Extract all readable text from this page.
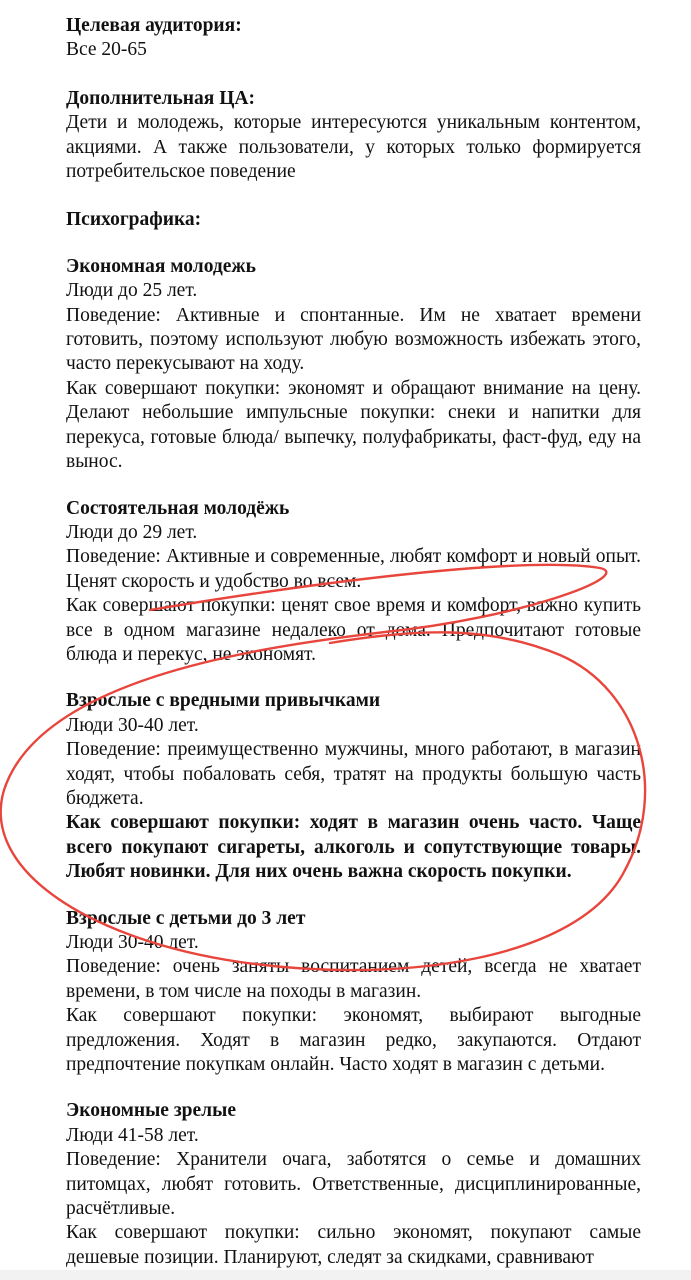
Целевая аудитория:

Все 20-65

Дополнительная ЦА:

Дети и молодежь, которые интересуются уникальным контентом, акциями. А также пользователи, у которых только формируется потребительское поведение

Психографика:

Экономная молодежь

Люди до 25 лет.

Поведение: Активные и спонтанные. Им не хватает времени готовить, поэтому используют любую возможность избежать этого, часто перекусывают на ходу.

Как совершают покупки: экономят и обращают внимание на цену. Делают небольшие импульсные покупки: снеки и напитки для перекуса, готовые блюда/ выпечку, полуфабрикаты, фаст-фуд, еду на вынос.

Состоятельная молодёжь

Люди до 29 лет.

Поведение: Активные и современные, любят комфорт и новый опыт. Ценят скорость и удобство во всем.

Как совершают покупки: ценят свое время и комфорт, важно купить все в одном магазине недалеко от дома. Предпочитают готовые блюда и перекус, не экономят.

Взрослые с вредными привычками

Люди 30-40 лет.

Поведение: преимущественно мужчины, много работают, в магазин ходят, чтобы побаловать себя, тратят на продукты большую часть бюджета.

Как совершают покупки: ходят в магазин очень часто. Чаще всего покупают сигареты, алкоголь и сопутствующие товары. Любят новинки. Для них очень важна скорость покупки.

Взрослые с детьми до 3 лет

Люди 30-40 лет.

Поведение: очень заняты воспитанием детей, всегда не хватает времени, в том числе на походы в магазин.

Как совершают покупки: экономят, выбирают выгодные предложения. Ходят в магазин редко, закупаются. Отдают предпочтение покупкам онлайн. Часто ходят в магазин с детьми.

Экономные зрелые

Люди 41-58 лет.

Поведение: Хранители очага, заботятся о семье и домашних питомцах, любят готовить. Ответственные, дисциплинированные, расчётливые.

Как совершают покупки: сильно экономят, покупают самые дешевые позиции. Планируют, следят за скидками, сравнивают
